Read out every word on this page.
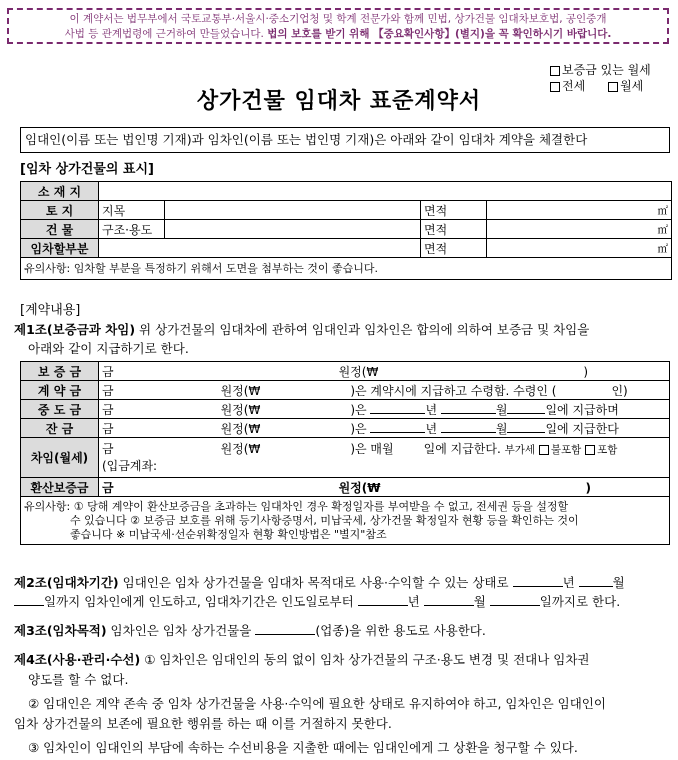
이 계약서는 법무부에서 국토교통부·서울시·중소기업청 및 학계 전문가와 함께 민법, 상가건물 임대차보호법, 공인중개
사법 등 관계법령에 근거하여 만들었습니다. 법의 보호를 받기 위해 【중요확인사항】(별지)을 꼭 확인하시기 바랍니다.
보증금 있는 월세
전세	월세
상가건물 임대차 표준계약서
임대인(이름 또는 법인명 기재)과 임차인(이름 또는 법인명 기재)은 아래와 같이 임대차 계약을 체결한다
[임차 상가건물의 표시]
소 재 지				
토 지	지목		면적	㎡
건 물	구조·용도		면적	㎡
임차할부분			면적	㎡
유의사항: 임차할 부분을 특정하기 위해서 도면을 첨부하는 것이 좋습니다.				
[계약내용]
제1조(보증금과 차임) 위 상가건물의 임대차에 관하여 임대인과 임차인은 합의에 의하여 보증금 및 차임을
아래와 같이 지급하기로 한다.
보 증 금	금 원정(₩ )
계 약 금	금 원정(₩ )은 계약시에 지급하고 수령함. 수령인 ( 인)
중 도 금	금 원정(₩ )은 년 월 일에 지급하며
잔 금	금 원정(₩ )은 년 월 일에 지급한다
차임(월세)	금 원정(₩ )은 매월 일에 지급한다. 부가세 불포함 포함
(입금계좌:
환산보증금	금 원정(₩ )

유의사항: ① 당해 계약이 환산보증금을 초과하는 임대차인 경우 확정일자를 부여받을 수 없고, 전세권 등을 설정할
수 있습니다 ② 보증금 보호를 위해 등기사항증명서, 미납국세, 상가건물 확정일자 현황 등을 확인하는 것이
좋습니다 ※ 미납국세·선순위확정일자 현황 확인방법은 "별지"참조	
제2조(임대차기간) 임대인은 임차 상가건물을 임대차 목적대로 사용·수익할 수 있는 상태로	년	월
일까지 임차인에게 인도하고, 임대차기간은 인도일로부터	년	월	일까지로 한다.
제3조(임차목적) 임차인은 임차 상가건물을	(업종)을 위한 용도로 사용한다.
제4조(사용·관리·수선) ① 임차인은 임대인의 동의 없이 임차 상가건물의 구조·용도 변경 및 전대나 임차권
양도를 할 수 없다.

② 임대인은 계약 존속 중 임차 상가건물을 사용·수익에 필요한 상태로 유지하여야 하고, 임차인은 임대인이
임차 상가건물의 보존에 필요한 행위를 하는 때 이를 거절하지 못한다.
③ 임차인이 임대인의 부담에 속하는 수선비용을 지출한 때에는 임대인에게 그 상환을 청구할 수 있다.
